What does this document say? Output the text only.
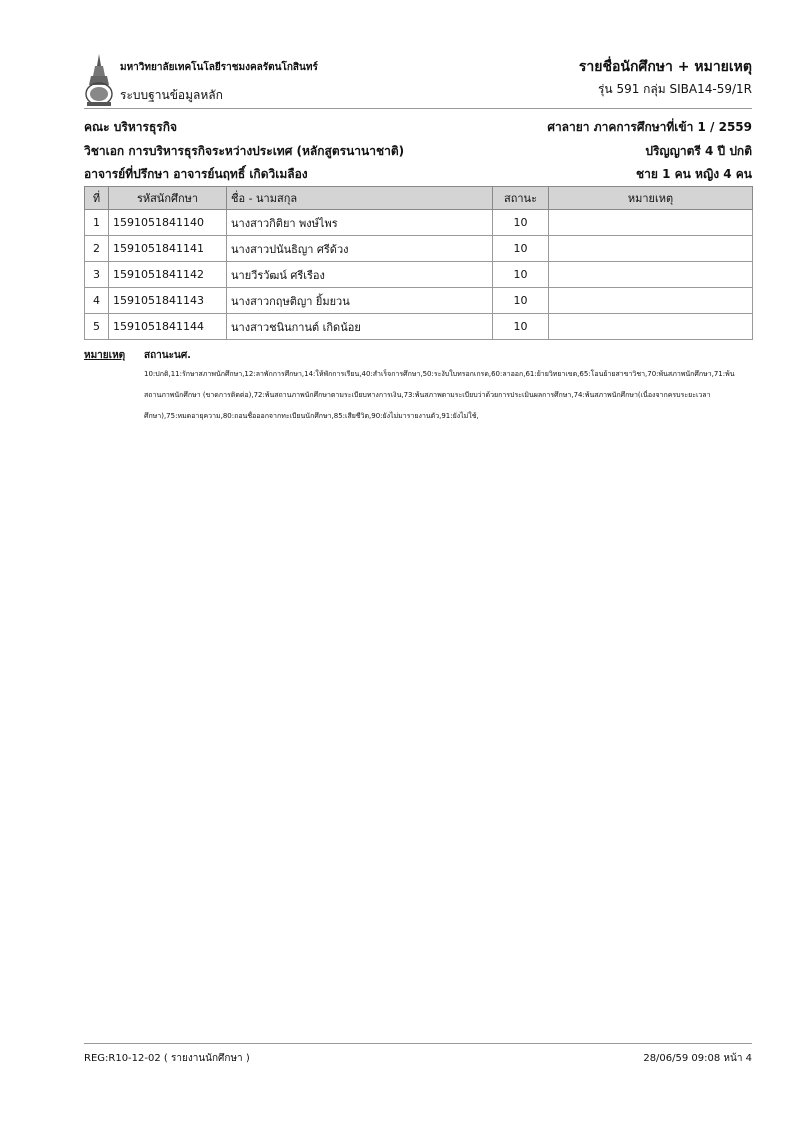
มหาวิทยาลัยเทคโนโลยีราชมงคลรัตนโกสินทร์
ระบบฐานข้อมูลหลัก
รายชื่อนักศึกษา + หมายเหตุ
รุ่น 591 กลุ่ม SIBA14-59/1R
คณะ บริหารธุรกิจ
วิชาเอก การบริหารธุรกิจระหว่างประเทศ (หลักสูตรนานาชาติ)
อาจารย์ที่ปรึกษา อาจารย์นฤทธิ์ เกิดวิเมลือง
ศาลายา ภาคการศึกษาที่เข้า 1 / 2559
ปริญญาตรี 4 ปี ปกติ
ชาย 1 คน หญิง 4 คน
ที่	รหัสนักศึกษา	ชื่อ - นามสกุล	สถานะ	หมายเหตุ
1	1591051841140	นางสาวกิติยา พงษ์ไพร	10	
2	1591051841141	นางสาวปนันธิญา ศรีด้วง	10	
3	1591051841142	นายวีรวัฒน์ ศรีเรือง	10	
4	1591051841143	นางสาวกฤษติญา ยิ้มยวน	10	
5	1591051841144	นางสาวชนินกานต์ เกิดน้อย	10	
หมายเหตุ สถานะนศ.
10:ปกติ,11:รักษาสภาพนักศึกษา,12:ลาพักการศึกษา,14:ให้พักการเรียน,40:สำเร็จการศึกษา,50:ระงับใบทรอกเกรด,60:ลาออก,61:ย้ายวิทยาเขต,65:โอนย้ายสาขาวิชา,70:พ้นสภาพนักศึกษา,71:พ้นสถานภาพนักศึกษา (ขาดการติดต่อ),72:พ้นสถานภาพนักศึกษาตามระเบียบทางการเงิน,73:พ้นสภาพตามระเบียบว่าด้วยการประเมินผลการศึกษา,74:พ้นสภาพนักศึกษา(เนื่องจากครบระยะเวลาศึกษา),75:หมดอายุความ,80:ถอนชื่อออกจากทะเบียนนักศึกษา,85:เสียชีวิต,90:ยังไม่มารายงานตัว,91:ยังไม่ใช้,
REG:R10-12-02 ( รายงานนักศึกษา )	28/06/59 09:08 หน้า 4
